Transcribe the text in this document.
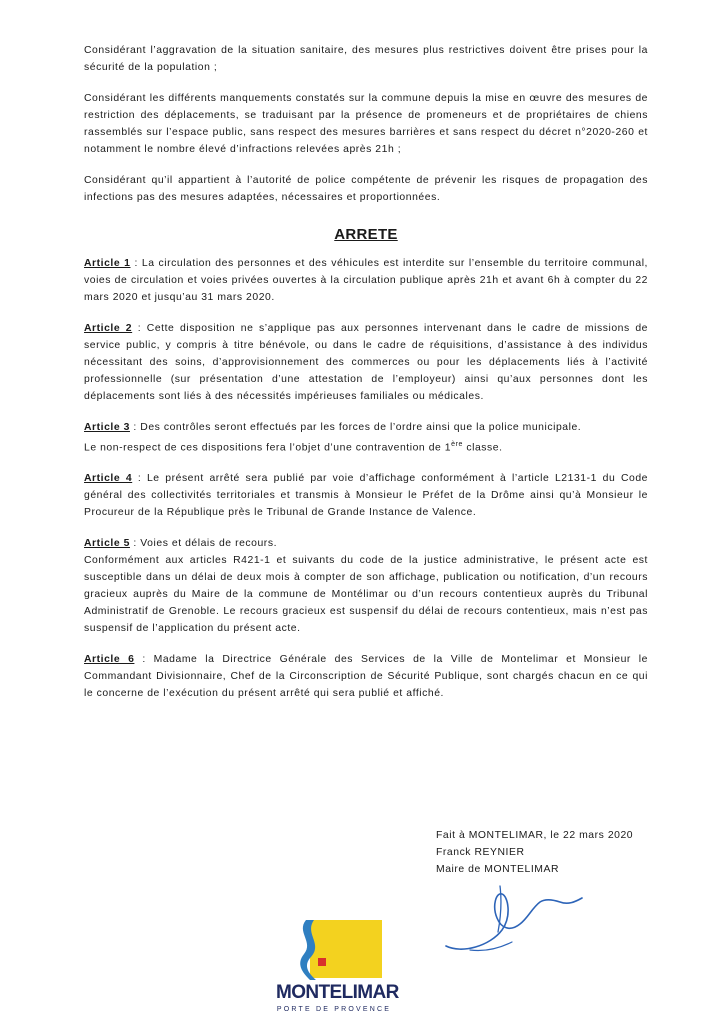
Considérant l’aggravation de la situation sanitaire, des mesures plus restrictives doivent être prises pour la sécurité de la population ;

Considérant les différents manquements constatés sur la commune depuis la mise en œuvre des mesures de restriction des déplacements, se traduisant par la présence de promeneurs et de propriétaires de chiens rassemblés sur l’espace public, sans respect des mesures barrières et sans respect du décret n°2020-260 et notamment le nombre élevé d’infractions relevées après 21h ;

Considérant qu’il appartient à l’autorité de police compétente de prévenir les risques de propagation des infections pas des mesures adaptées, nécessaires et proportionnées.

ARRETE

Article 1 : La circulation des personnes et des véhicules est interdite sur l’ensemble du territoire communal, voies de circulation et voies privées ouvertes à la circulation publique après 21h et avant 6h à compter du 22 mars 2020 et jusqu’au 31 mars 2020.

Article 2 : Cette disposition ne s’applique pas aux personnes intervenant dans le cadre de missions de service public, y compris à titre bénévole, ou dans le cadre de réquisitions, d’assistance à des individus nécessitant des soins, d’approvisionnement des commerces ou pour les déplacements liés à l’activité professionnelle (sur présentation d’une attestation de l’employeur) ainsi qu’aux personnes dont les déplacements sont liés à des nécessités impérieuses familiales ou médicales.

Article 3 : Des contrôles seront effectués par les forces de l’ordre ainsi que la police municipale.
Le non-respect de ces dispositions fera l’objet d’une contravention de 1ère classe.

Article 4 : Le présent arrêté sera publié par voie d’affichage conformément à l’article L2131-1 du Code général des collectivités territoriales et transmis à Monsieur le Préfet de la Drôme ainsi qu’à Monsieur le Procureur de la République près le Tribunal de Grande Instance de Valence.

Article 5 : Voies et délais de recours.
Conformément aux articles R421-1 et suivants du code de la justice administrative, le présent acte est susceptible dans un délai de deux mois à compter de son affichage, publication ou notification, d’un recours gracieux auprès du Maire de la commune de Montélimar ou d’un recours contentieux auprès du Tribunal Administratif de Grenoble. Le recours gracieux est suspensif du délai de recours contentieux, mais n’est pas suspensif de l’application du présent acte.

Article 6 : Madame la Directrice Générale des Services de la Ville de Montelimar et Monsieur le Commandant Divisionnaire, Chef de la Circonscription de Sécurité Publique, sont chargés chacun en ce qui le concerne de l’exécution du présent arrêté qui sera publié et affiché.

Fait à MONTELIMAR, le 22 mars 2020
Franck REYNIER
Maire de MONTELIMAR
MONTELIMAR
PORTE DE PROVENCE
